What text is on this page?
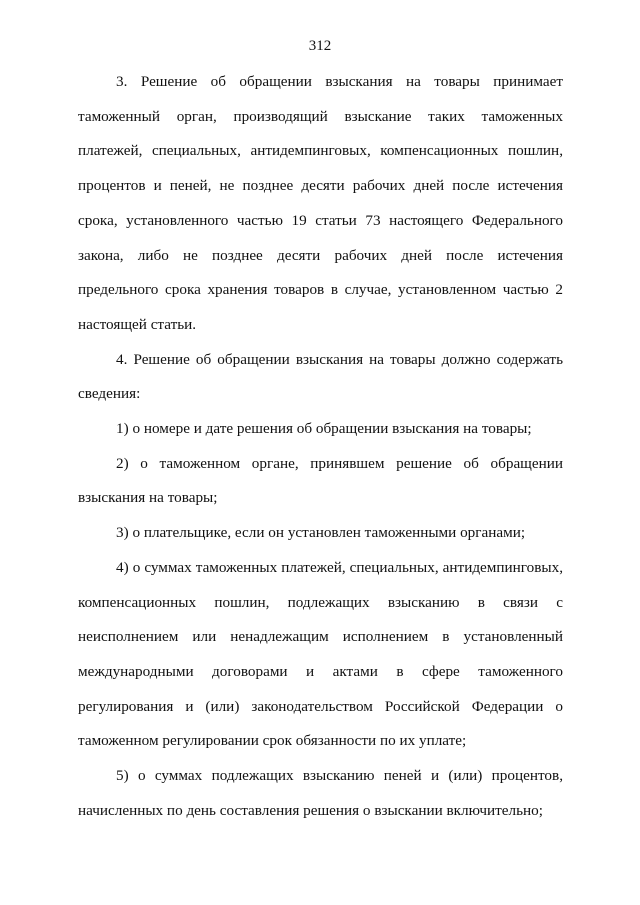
312

3. Решение об обращении взыскания на товары принимает таможенный орган, производящий взыскание таких таможенных платежей, специальных, антидемпинговых, компенсационных пошлин, процентов и пеней, не позднее десяти рабочих дней после истечения срока, установленного частью 19 статьи 73 настоящего Федерального закона, либо не позднее десяти рабочих дней после истечения предельного срока хранения товаров в случае, установленном частью 2 настоящей статьи.

4. Решение об обращении взыскания на товары должно содержать сведения:

1) о номере и дате решения об обращении взыскания на товары;

2) о таможенном органе, принявшем решение об обращении взыскания на товары;

3) о плательщике, если он установлен таможенными органами;

4) о суммах таможенных платежей, специальных, антидемпинговых, компенсационных пошлин, подлежащих взысканию в связи с неисполнением или ненадлежащим исполнением в установленный международными договорами и актами в сфере таможенного регулирования и (или) законодательством Российской Федерации о таможенном регулировании срок обязанности по их уплате;

5) о суммах подлежащих взысканию пеней и (или) процентов, начисленных по день составления решения о взыскании включительно;
